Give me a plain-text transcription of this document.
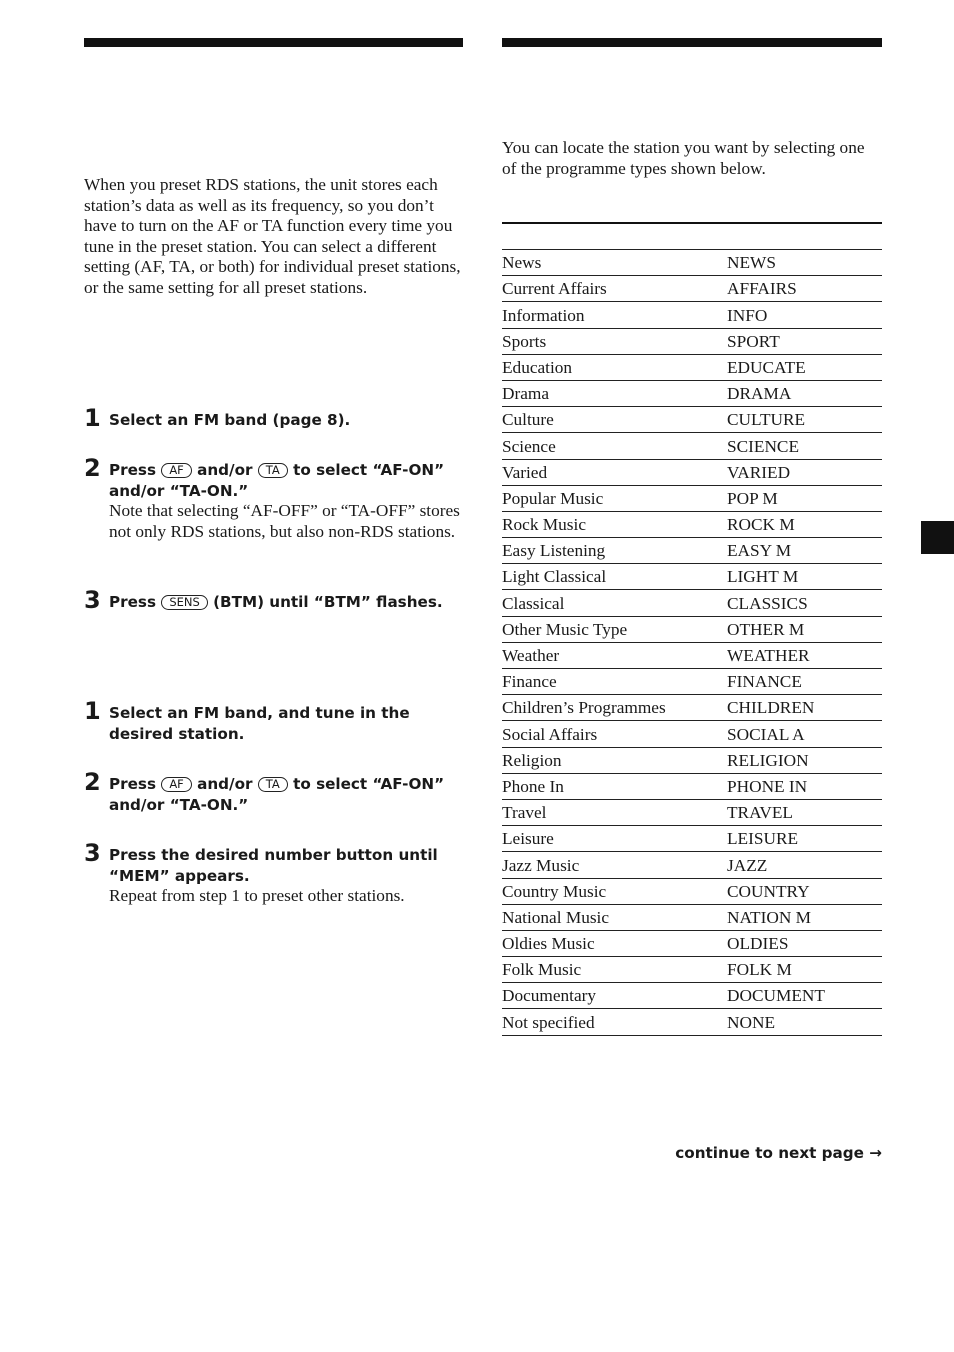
When you preset RDS stations, the unit stores each station’s data as well as its frequency, so you don’t have to turn on the AF or TA function every time you tune in the preset station. You can select a different setting (AF, TA, or both) for individual preset stations, or the same setting for all preset stations.
1 Select an FM band (page 8).
2 Press AF and/or TA to select “AF-ON” and/or “TA-ON.”
Note that selecting “AF-OFF” or “TA-OFF” stores not only RDS stations, but also non-RDS stations.
3 Press SENS (BTM) until “BTM” flashes.
1 Select an FM band, and tune in the desired station.
2 Press AF and/or TA to select “AF-ON” and/or “TA-ON.”
3 Press the desired number button until “MEM” appears.
Repeat from step 1 to preset other stations.
You can locate the station you want by selecting one of the programme types shown below.
News	NEWS
Current Affairs	AFFAIRS
Information	INFO
Sports	SPORT
Education	EDUCATE
Drama	DRAMA
Culture	CULTURE
Science	SCIENCE
Varied	VARIED
Popular Music	POP M
Rock Music	ROCK M
Easy Listening	EASY M
Light Classical	LIGHT M
Classical	CLASSICS
Other Music Type	OTHER M
Weather	WEATHER
Finance	FINANCE
Children’s Programmes	CHILDREN
Social Affairs	SOCIAL A
Religion	RELIGION
Phone In	PHONE IN
Travel	TRAVEL
Leisure	LEISURE
Jazz Music	JAZZ
Country Music	COUNTRY
National Music	NATION M
Oldies Music	OLDIES
Folk Music	FOLK M
Documentary	DOCUMENT
Not specified	NONE
continue to next page →
